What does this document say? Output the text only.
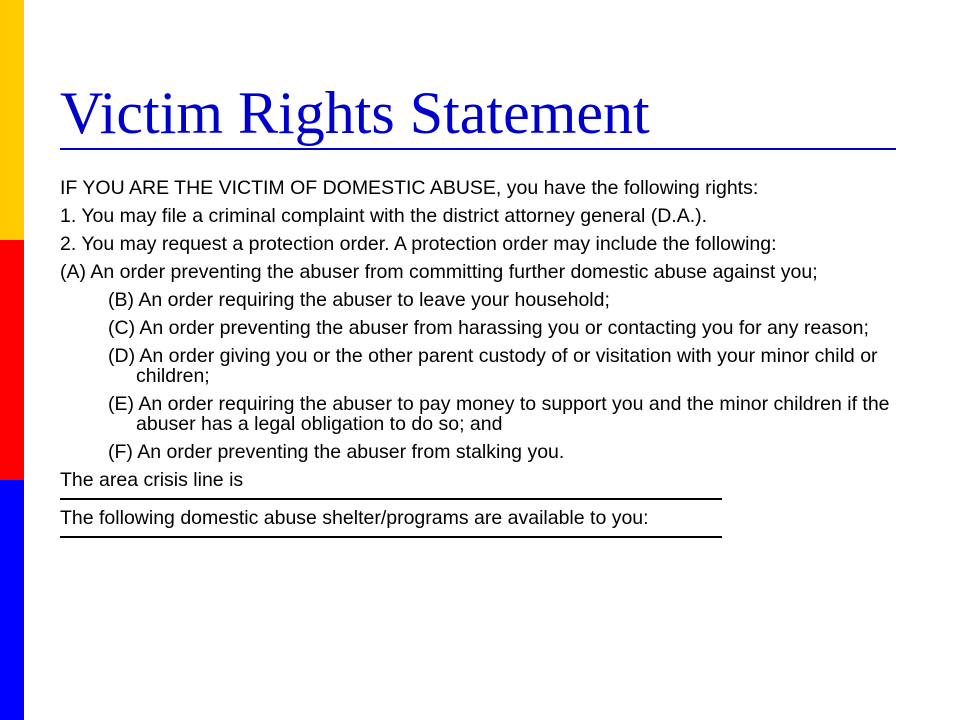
Victim Rights Statement

IF YOU ARE THE VICTIM OF DOMESTIC ABUSE, you have the following rights:

1. You may file a criminal complaint with the district attorney general (D.A.).

2. You may request a protection order. A protection order may include the following:

(A) An order preventing the abuser from committing further domestic abuse against you;

(B) An order requiring the abuser to leave your household;

(C) An order preventing the abuser from harassing you or contacting you for any reason;

(D) An order giving you or the other parent custody of or visitation with your minor child or children;

(E) An order requiring the abuser to pay money to support you and the minor children if the abuser has a legal obligation to do so; and

(F) An order preventing the abuser from stalking you.

The area crisis line is

The following domestic abuse shelter/programs are available to you:
